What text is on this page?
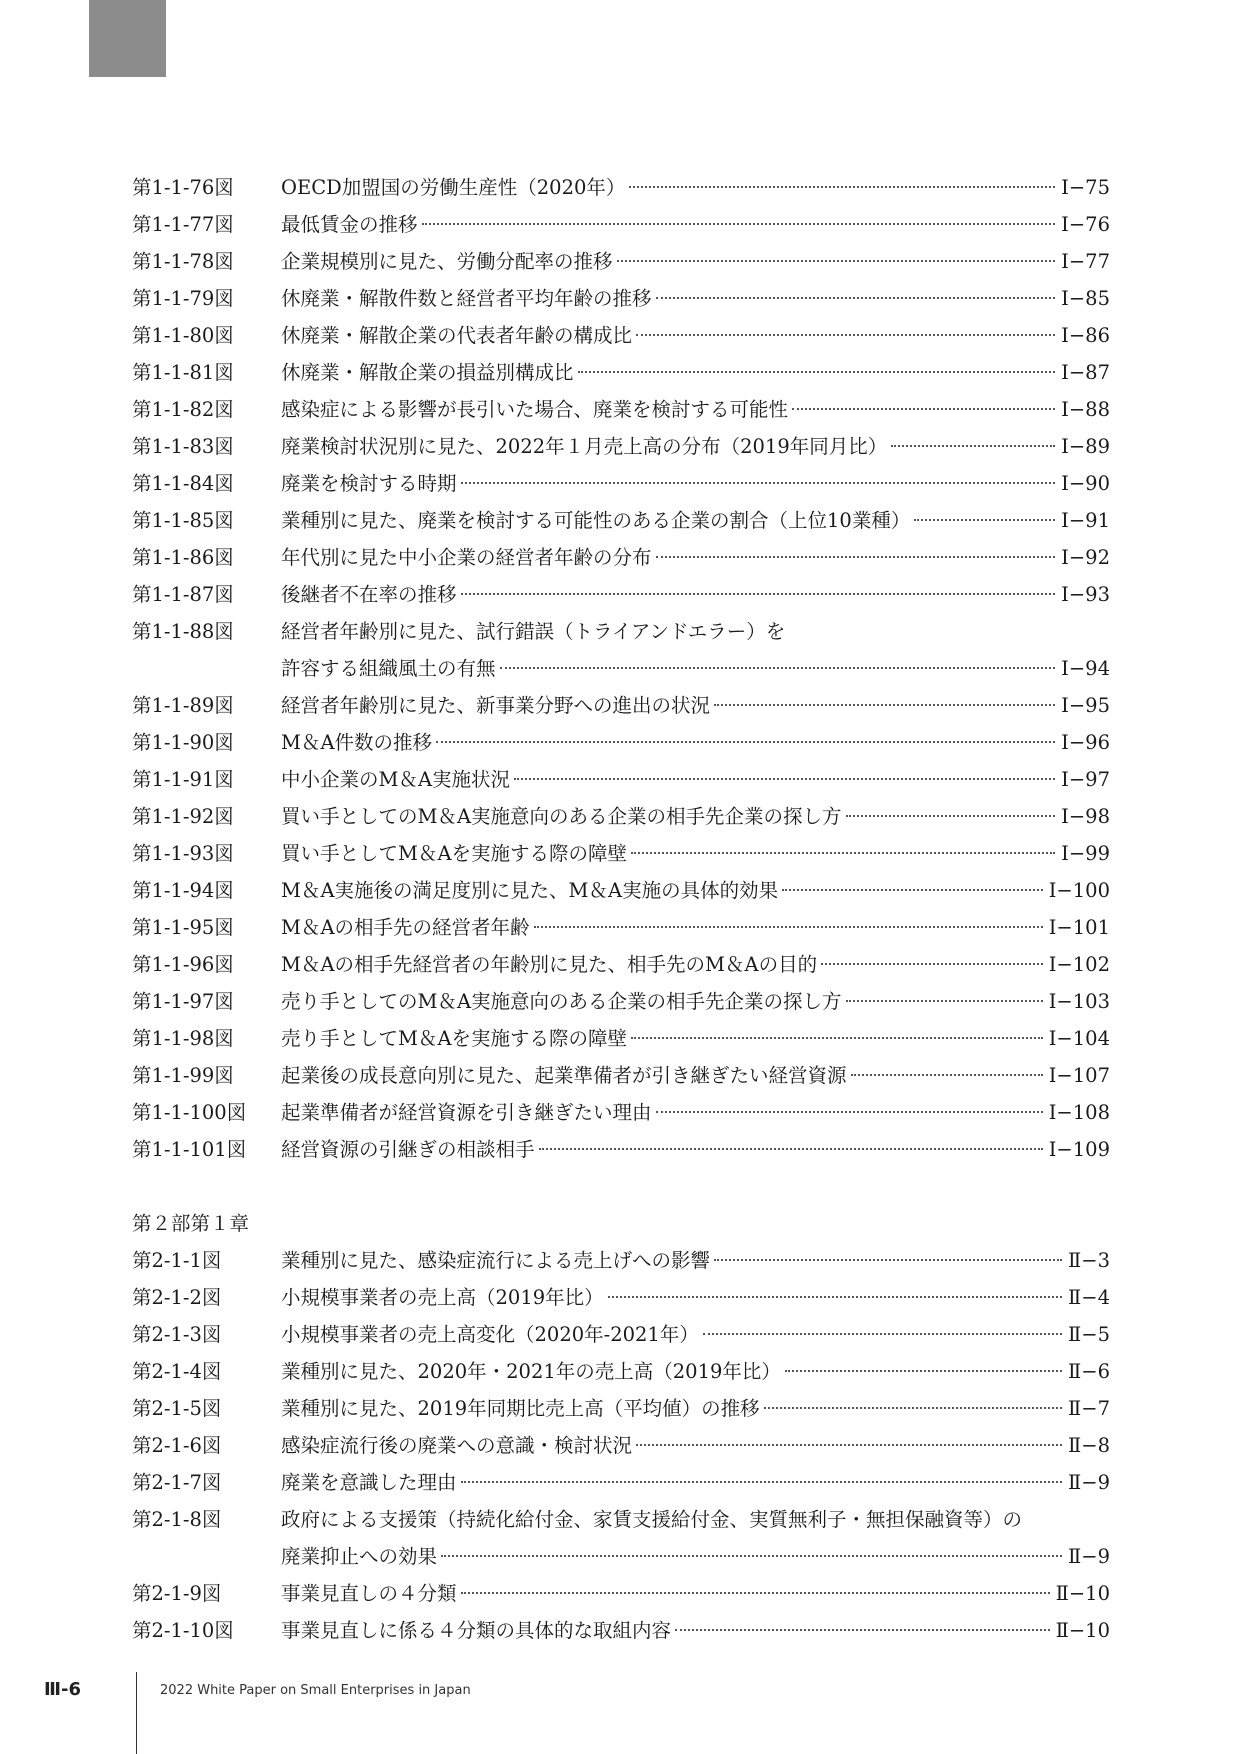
第1-1-76図	OECD加盟国の労働生産性（2020年）	Ⅰ−75
第1-1-77図	最低賃金の推移	Ⅰ−76
第1-1-78図	企業規模別に見た、労働分配率の推移	Ⅰ−77
第1-1-79図	休廃業・解散件数と経営者平均年齢の推移	Ⅰ−85
第1-1-80図	休廃業・解散企業の代表者年齢の構成比	Ⅰ−86
第1-1-81図	休廃業・解散企業の損益別構成比	Ⅰ−87
第1-1-82図	感染症による影響が長引いた場合、廃業を検討する可能性	Ⅰ−88
第1-1-83図	廃業検討状況別に見た、2022年１月売上高の分布（2019年同月比）	Ⅰ−89
第1-1-84図	廃業を検討する時期	Ⅰ−90
第1-1-85図	業種別に見た、廃業を検討する可能性のある企業の割合（上位10業種）	Ⅰ−91
第1-1-86図	年代別に見た中小企業の経営者年齢の分布	Ⅰ−92
第1-1-87図	後継者不在率の推移	Ⅰ−93
第1-1-88図	経営者年齢別に見た、試行錯誤（トライアンドエラー）を
許容する組織風土の有無	Ⅰ−94
第1-1-89図	経営者年齢別に見た、新事業分野への進出の状況	Ⅰ−95
第1-1-90図	M＆A件数の推移	Ⅰ−96
第1-1-91図	中小企業のM＆A実施状況	Ⅰ−97
第1-1-92図	買い手としてのM＆A実施意向のある企業の相手先企業の探し方	Ⅰ−98
第1-1-93図	買い手としてM＆Aを実施する際の障壁	Ⅰ−99
第1-1-94図	M＆A実施後の満足度別に見た、M＆A実施の具体的効果	Ⅰ−100
第1-1-95図	M＆Aの相手先の経営者年齢	Ⅰ−101
第1-1-96図	M＆Aの相手先経営者の年齢別に見た、相手先のM＆Aの目的	Ⅰ−102
第1-1-97図	売り手としてのM＆A実施意向のある企業の相手先企業の探し方	Ⅰ−103
第1-1-98図	売り手としてM＆Aを実施する際の障壁	Ⅰ−104
第1-1-99図	起業後の成長意向別に見た、起業準備者が引き継ぎたい経営資源	Ⅰ−107
第1-1-100図	起業準備者が経営資源を引き継ぎたい理由	Ⅰ−108
第1-1-101図	経営資源の引継ぎの相談相手	Ⅰ−109
第２部第１章
第2-1-1図	業種別に見た、感染症流行による売上げへの影響	Ⅱ−3
第2-1-2図	小規模事業者の売上高（2019年比）	Ⅱ−4
第2-1-3図	小規模事業者の売上高変化（2020年-2021年）	Ⅱ−5
第2-1-4図	業種別に見た、2020年・2021年の売上高（2019年比）	Ⅱ−6
第2-1-5図	業種別に見た、2019年同期比売上高（平均値）の推移	Ⅱ−7
第2-1-6図	感染症流行後の廃業への意識・検討状況	Ⅱ−8
第2-1-7図	廃業を意識した理由	Ⅱ−9
第2-1-8図	政府による支援策（持続化給付金、家賃支援給付金、実質無利子・無担保融資等）の
廃業抑止への効果	Ⅱ−9
第2-1-9図	事業見直しの４分類	Ⅱ−10
第2-1-10図	事業見直しに係る４分類の具体的な取組内容	Ⅱ−10
Ⅲ-6	2022 White Paper on Small Enterprises in Japan
